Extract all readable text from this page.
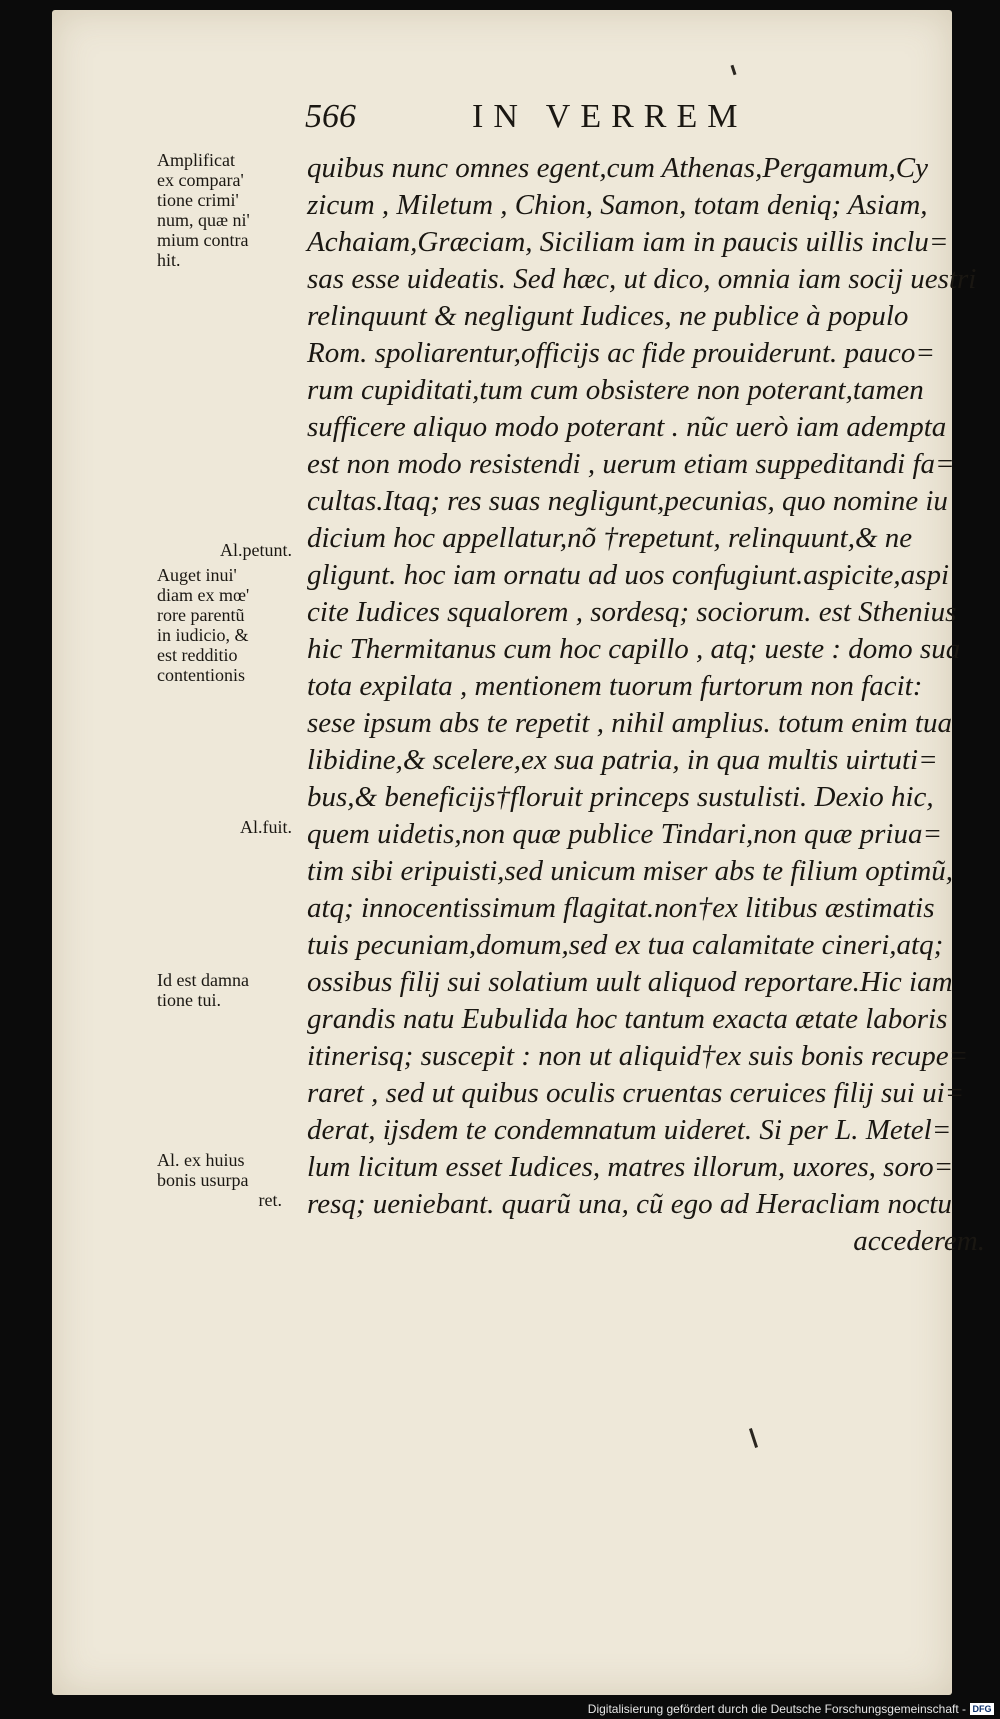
566	IN VERREM
Amplificat
ex compara'
tione crimi'
num, quæ ni'
mium contra
hit.
Al.petunt.
Auget inui'
diam ex mœ'
rore parentũ
in iudicio, &
est redditio
contentionis
Al.fuit.
Id est damna
tione tui.
Al. ex huius
bonis usurpa
ret.
quibus nunc omnes egent,cum Athenas,Pergamum,Cy
zicum , Miletum , Chion, Samon, totam deniq; Asiam,
Achaiam,Græciam, Siciliam iam in paucis uillis inclu=
sas esse uideatis. Sed hæc, ut dico, omnia iam socij uestri
relinquunt & negligunt Iudices, ne publice à populo
Rom. spoliarentur,officijs ac fide prouiderunt. pauco=
rum cupiditati,tum cum obsistere non poterant,tamen
sufficere aliquo modo poterant . nũc uerò iam adempta
est non modo resistendi , uerum etiam suppeditandi fa=
cultas.Itaq; res suas negligunt,pecunias, quo nomine iu
dicium hoc appellatur,nõ †repetunt, relinquunt,& ne
gligunt. hoc iam ornatu ad uos confugiunt.aspicite,aspi
cite Iudices squalorem , sordesq; sociorum. est Sthenius
hic Thermitanus cum hoc capillo , atq; ueste : domo sua
tota expilata , mentionem tuorum furtorum non facit:
sese ipsum abs te repetit , nihil amplius. totum enim tua
libidine,& scelere,ex sua patria, in qua multis uirtuti=
bus,& beneficijs†floruit princeps sustulisti. Dexio hic,
quem uidetis,non quæ publice Tindari,non quæ priua=
tim sibi eripuisti,sed unicum miser abs te filium optimũ,
atq; innocentissimum flagitat.non†ex litibus æstimatis
tuis pecuniam,domum,sed ex tua calamitate cineri,atq;
ossibus filij sui solatium uult aliquod reportare.Hic iam
grandis natu Eubulida hoc tantum exacta ætate laboris
itinerisq; suscepit : non ut aliquid†ex suis bonis recupe=
raret , sed ut quibus oculis cruentas ceruices filij sui ui=
derat, ijsdem te condemnatum uideret. Si per L. Metel=
lum licitum esset Iudices, matres illorum, uxores, soro=
resq; ueniebant. quarũ una, cũ ego ad Heracliam noctu
accederem.
Digitalisierung gefördert durch die Deutsche Forschungsgemeinschaft - DFG
